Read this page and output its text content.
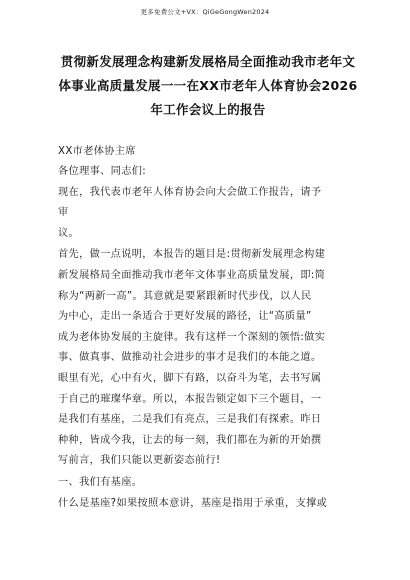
更多免费公文+VX：QiGeGongWen2024
贯彻新发展理念构建新发展格局全面推动我市老年文
体事业高质量发展一一在XX市老年人体育协会2026
年工作会议上的报告
XX市老体协主席
各位理事、同志们:
现在，我代表市老年人体育协会向大会做工作报告，请予
审
议。
首先，做一点说明，本报告的题目是:贯彻新发展理念构建
新发展格局全面推动我市老年文体事业高质量发展，即:简
称为“两新一高”。其意就是要紧跟新时代步伐，以人民
为中心，走出一条适合于更好发展的路径，让“高质量”
成为老体协发展的主旋律。我有这样一个深刻的领悟:做实
事、做真事、做推动社会进步的事才是我们的本能之道。
眼里有光，心中有火，脚下有路，以奋斗为笔，去书写属
于自己的璀璨华章。所以，本报告锁定如下三个题目，一
是我们有基座，二是我们有亮点，三是我们有探索。昨日
种种，皆成今我，让去的每一刻，我们都在为新的开始撰
写前言，我们只能以更新姿态前行!
一、我们有基座。
什么是基座?如果按照本意讲，基座是指用于承重，支撑或
